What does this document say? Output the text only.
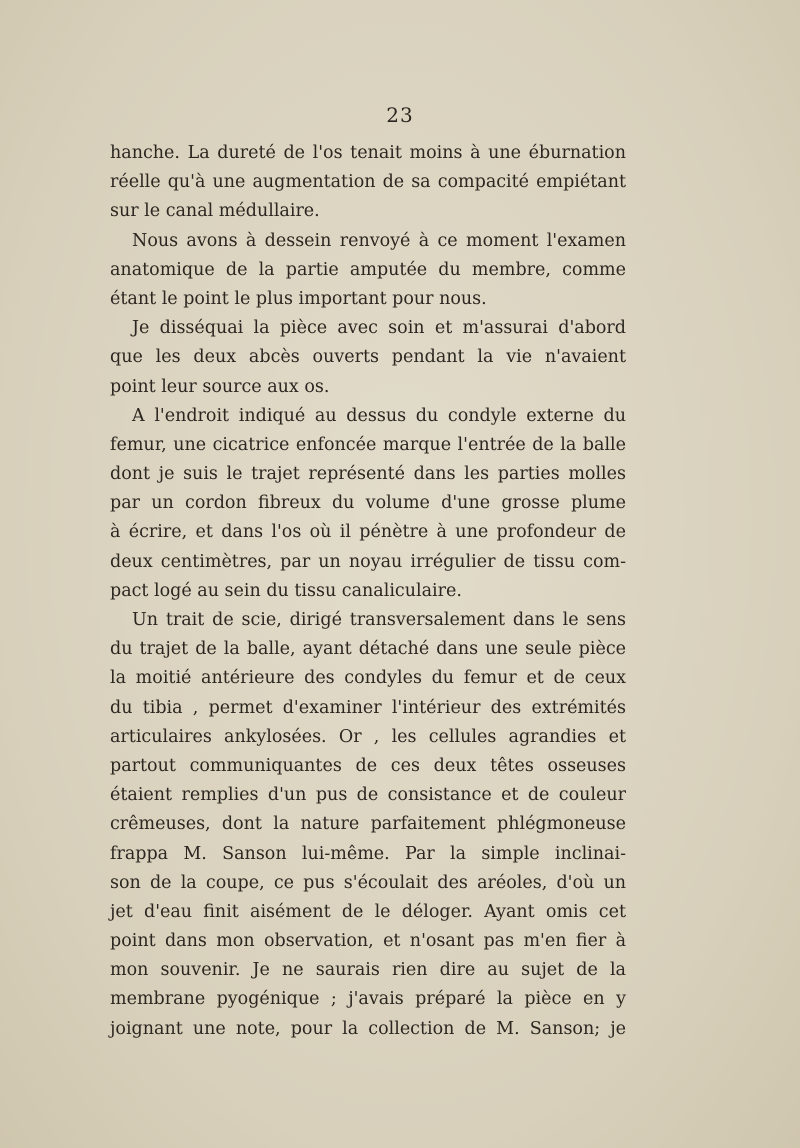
23
hanche. La dureté de l'os tenait moins à une éburnation
réelle qu'à une augmentation de sa compacité empiétant
sur le canal médullaire.
Nous avons à dessein renvoyé à ce moment l'examen
anatomique de la partie amputée du membre, comme
étant le point le plus important pour nous.
Je disséquai la pièce avec soin et m'assurai d'abord
que les deux abcès ouverts pendant la vie n'avaient
point leur source aux os.
A l'endroit indiqué au dessus du condyle externe du
femur, une cicatrice enfoncée marque l'entrée de la balle
dont je suis le trajet représenté dans les parties molles
par un cordon fibreux du volume d'une grosse plume
à écrire, et dans l'os où il pénètre à une profondeur de
deux centimètres, par un noyau irrégulier de tissu com-
pact logé au sein du tissu canaliculaire.
Un trait de scie, dirigé transversalement dans le sens
du trajet de la balle, ayant détaché dans une seule pièce
la moitié antérieure des condyles du femur et de ceux
du tibia , permet d'examiner l'intérieur des extrémités
articulaires ankylosées. Or , les cellules agrandies et
partout communiquantes de ces deux têtes osseuses
étaient remplies d'un pus de consistance et de couleur
crêmeuses, dont la nature parfaitement phlégmoneuse
frappa M. Sanson lui-même. Par la simple inclinai-
son de la coupe, ce pus s'écoulait des aréoles, d'où un
jet d'eau finit aisément de le déloger. Ayant omis cet
point dans mon observation, et n'osant pas m'en fier à
mon souvenir. Je ne saurais rien dire au sujet de la
membrane pyogénique ; j'avais préparé la pièce en y
joignant une note, pour la collection de M. Sanson; je
